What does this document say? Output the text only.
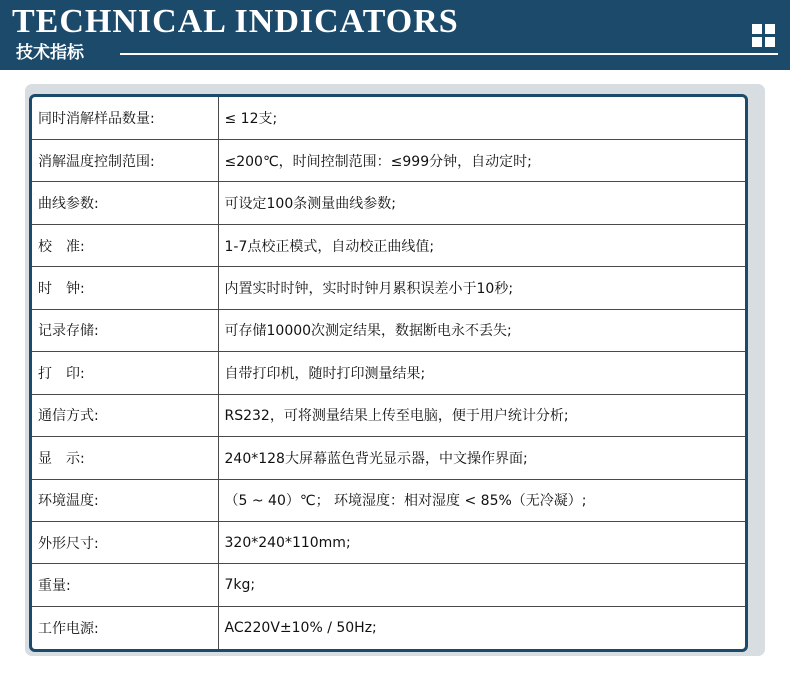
TECHNICAL INDICATORS
技术指标
同时消解样品数量:	≤ 12支;
消解温度控制范围:	≤200℃，时间控制范围：≤999分钟，自动定时;
曲线参数:	可设定100条测量曲线参数;
校　准:	1-7点校正模式，自动校正曲线值;
时　钟:	内置实时时钟，实时时钟月累积误差小于10秒;
记录存储:	可存储10000次测定结果，数据断电永不丢失;
打　印:	自带打印机，随时打印测量结果;
通信方式:	RS232，可将测量结果上传至电脑，便于用户统计分析;
显　示:	240*128大屏幕蓝色背光显示器，中文操作界面;
环境温度:	（5 ~ 40）℃； 环境湿度：相对湿度 < 85%（无冷凝）;
外形尺寸:	320*240*110mm;
重量:	7kg;
工作电源:	AC220V±10% / 50Hz;
